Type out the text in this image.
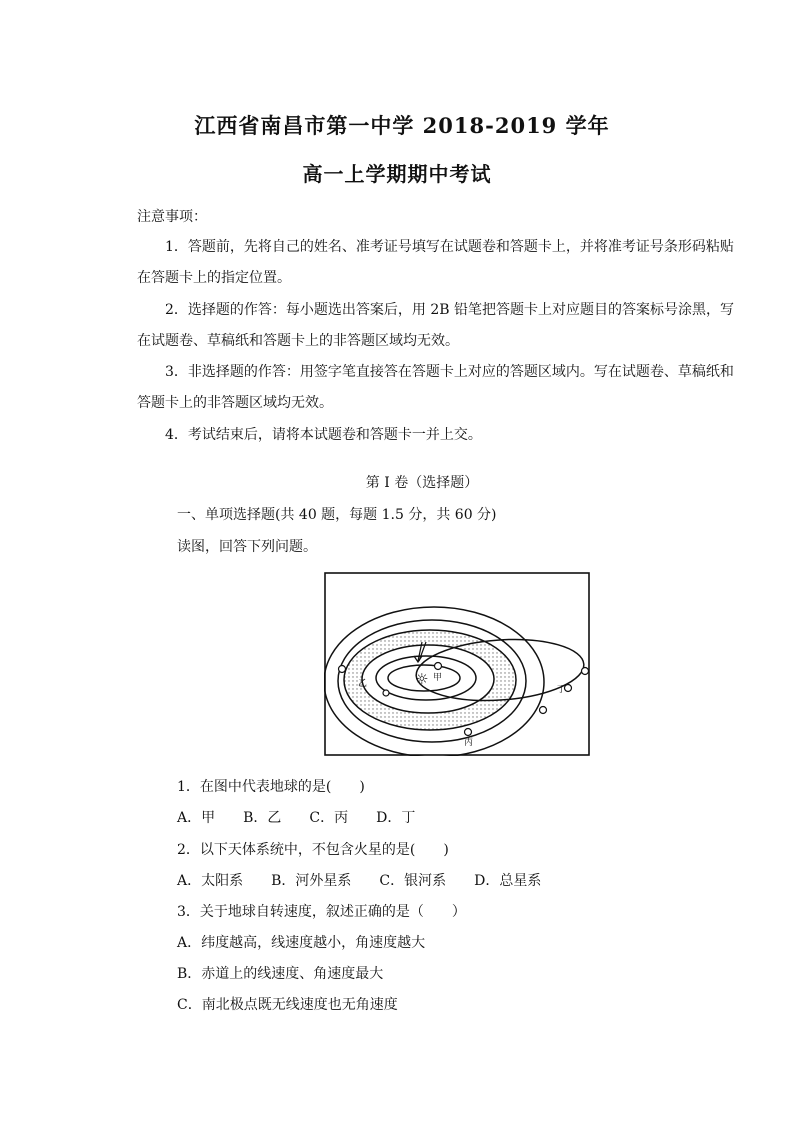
江西省南昌市第一中学 2018-2019 学年
高一上学期期中考试
注意事项：
1．答题前，先将自己的姓名、准考证号填写在试题卷和答题卡上，并将准考证号条形码粘贴在答题卡上的指定位置。
2．选择题的作答：每小题选出答案后，用 2B 铅笔把答题卡上对应题目的答案标号涂黑，写在试题卷、草稿纸和答题卡上的非答题区域均无效。
3．非选择题的作答：用签字笔直接答在答题卡上对应的答题区域内。写在试题卷、草稿纸和答题卡上的非答题区域均无效。
4．考试结束后，请将本试题卷和答题卡一并上交。
第 I 卷（选择题）
一、单项选择题(共 40 题，每题 1.5 分，共 60 分)
读图，回答下列问题。
☼ 甲
乙
丙
丁
1．在图中代表地球的是(　　)
A．甲　　B．乙　　C．丙　　D．丁
2．以下天体系统中，不包含火星的是(　　)
A．太阳系　　B．河外星系　　C．银河系　　D．总星系
3．关于地球自转速度，叙述正确的是（　　）
A．纬度越高，线速度越小，角速度越大
B．赤道上的线速度、角速度最大
C．南北极点既无线速度也无角速度
